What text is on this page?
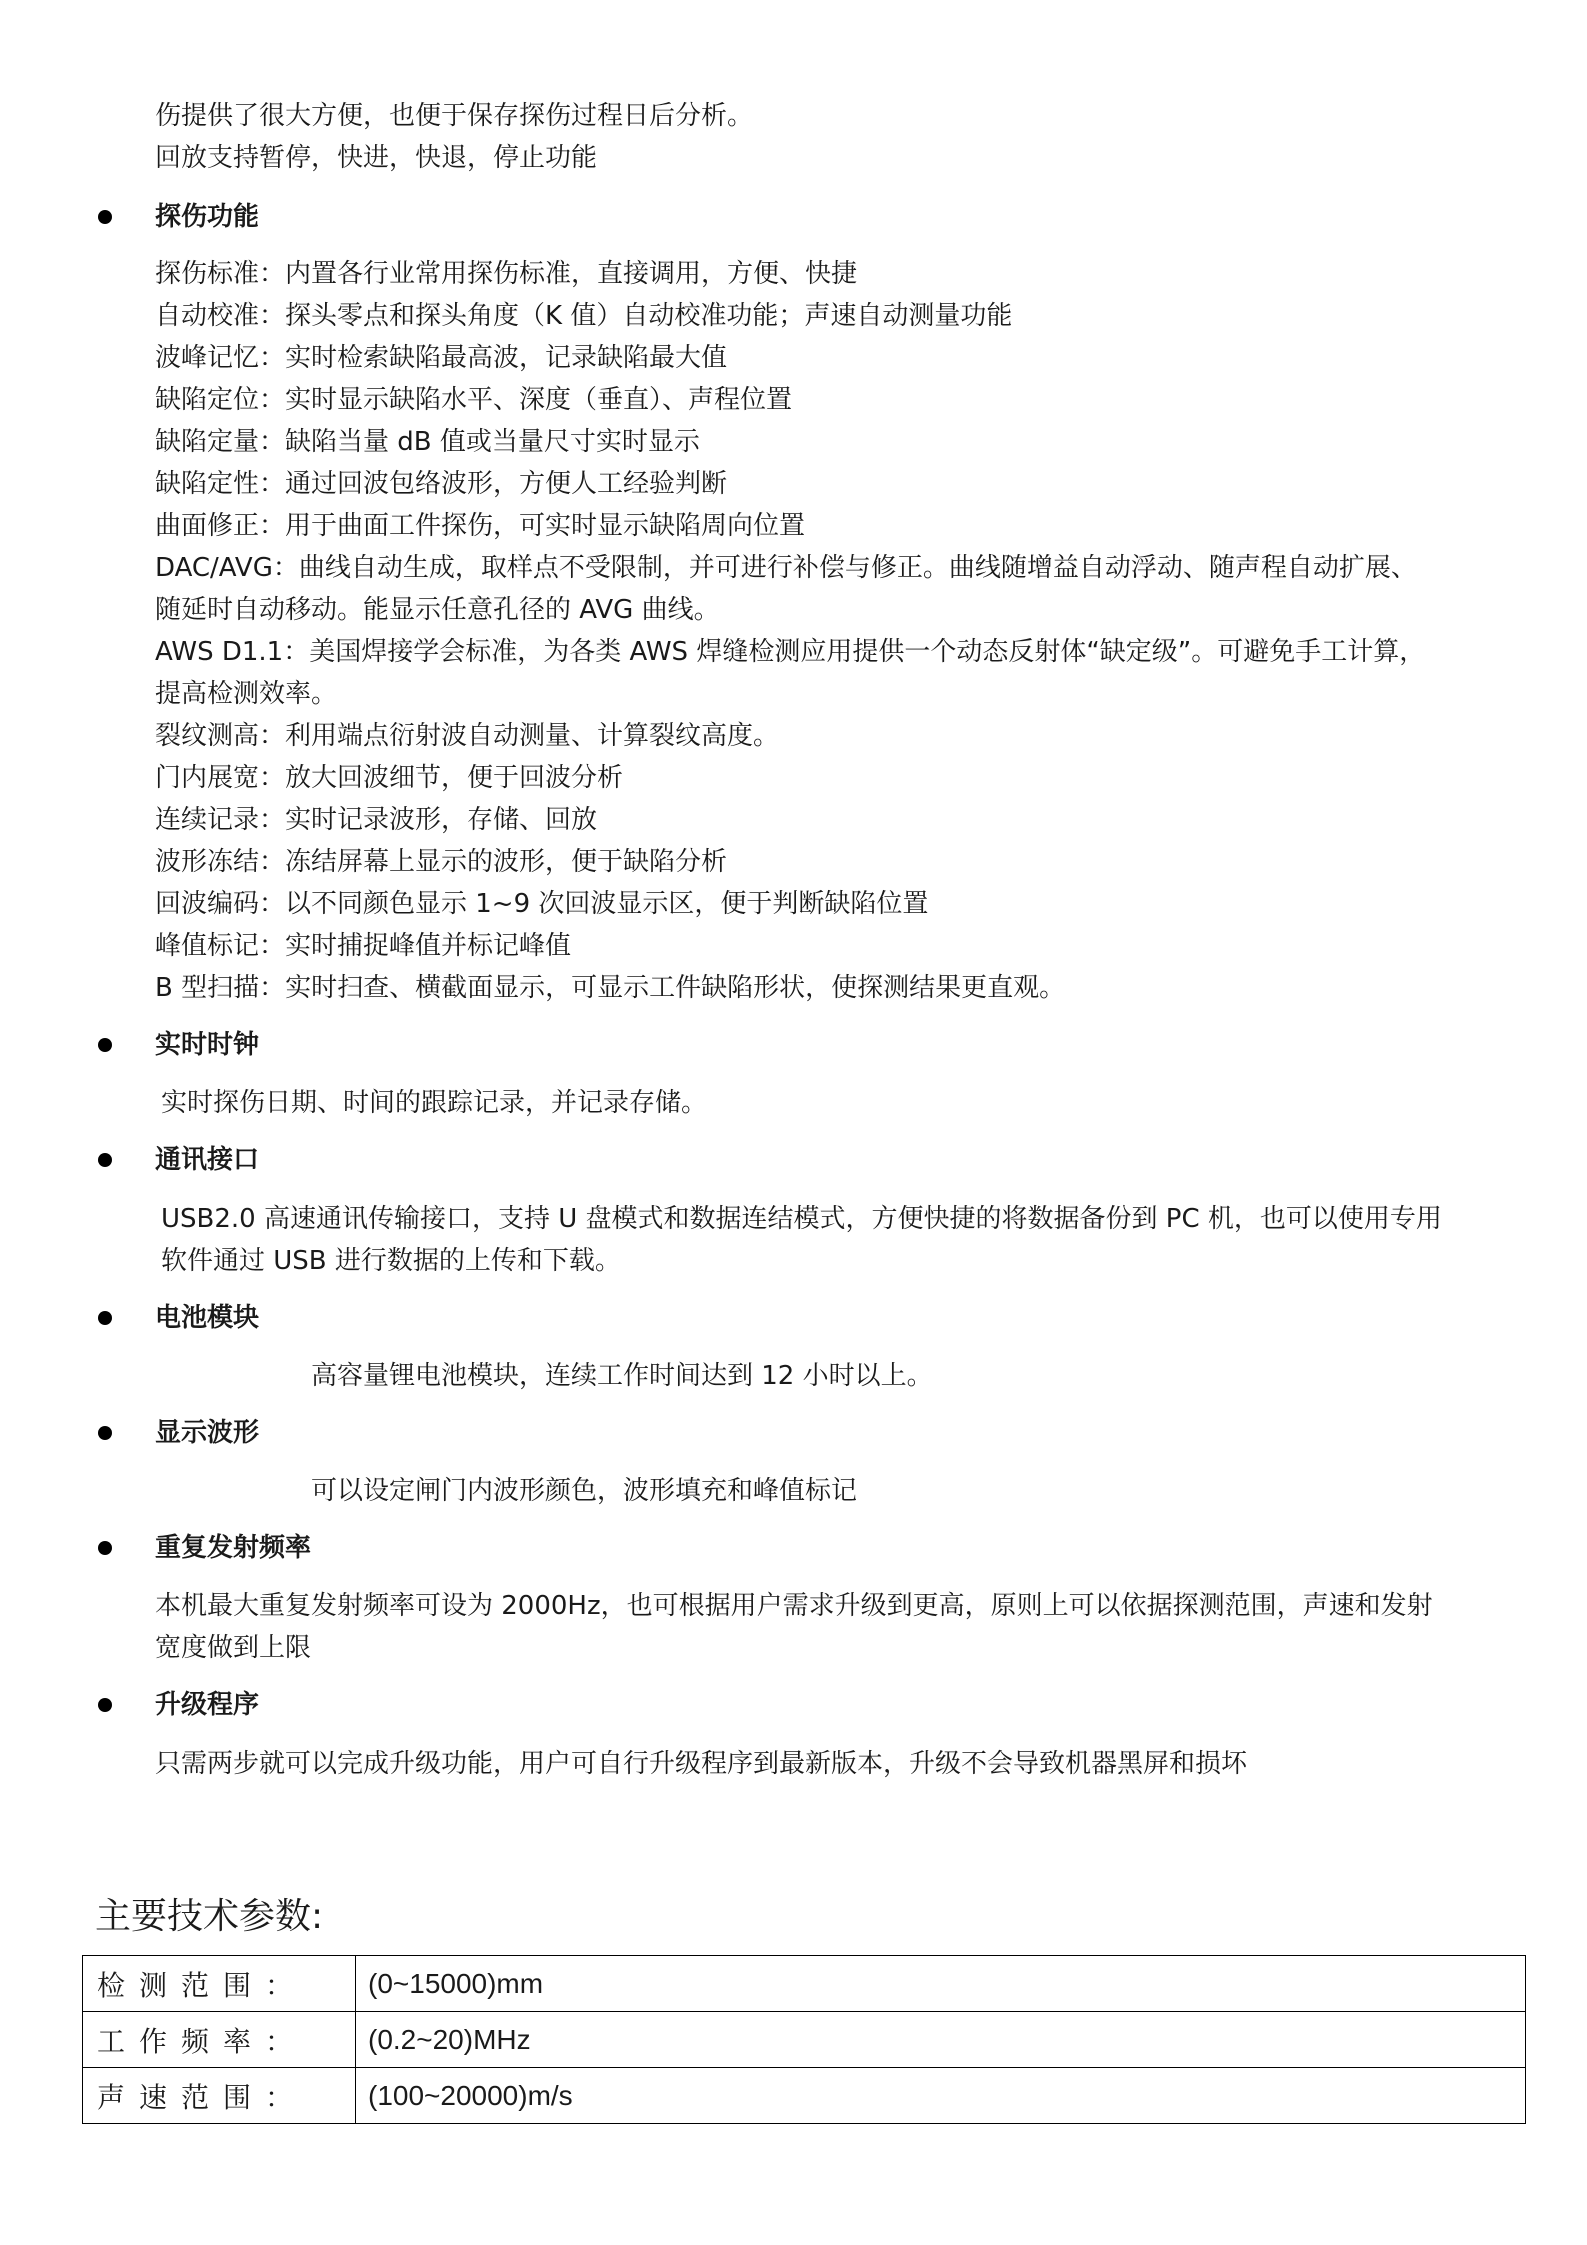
伤提供了很大方便，也便于保存探伤过程日后分析。
回放支持暂停，快进，快退，停止功能
探伤功能
探伤标准：内置各行业常用探伤标准，直接调用，方便、快捷
自动校准：探头零点和探头角度（K 值）自动校准功能；声速自动测量功能
波峰记忆：实时检索缺陷最高波，记录缺陷最大值
缺陷定位：实时显示缺陷水平、深度（垂直）、声程位置
缺陷定量：缺陷当量 dB 值或当量尺寸实时显示
缺陷定性：通过回波包络波形，方便人工经验判断
曲面修正：用于曲面工件探伤，可实时显示缺陷周向位置
DAC/AVG：曲线自动生成，取样点不受限制，并可进行补偿与修正。曲线随增益自动浮动、随声程自动扩展、
随延时自动移动。能显示任意孔径的 AVG 曲线。
AWS D1.1：美国焊接学会标准，为各类 AWS 焊缝检测应用提供一个动态反射体“缺定级”。可避免手工计算，
提高检测效率。
裂纹测高：利用端点衍射波自动测量、计算裂纹高度。
门内展宽：放大回波细节，便于回波分析
连续记录：实时记录波形，存储、回放
波形冻结：冻结屏幕上显示的波形，便于缺陷分析
回波编码：以不同颜色显示 1~9 次回波显示区，便于判断缺陷位置
峰值标记：实时捕捉峰值并标记峰值
B 型扫描：实时扫查、横截面显示，可显示工件缺陷形状，使探测结果更直观。
实时时钟
实时探伤日期、时间的跟踪记录，并记录存储。
通讯接口
USB2.0 高速通讯传输接口，支持 U 盘模式和数据连结模式，方便快捷的将数据备份到 PC 机，也可以使用专用
软件通过 USB 进行数据的上传和下载。
电池模块
高容量锂电池模块，连续工作时间达到 12 小时以上。
显示波形
可以设定闸门内波形颜色，波形填充和峰值标记
重复发射频率
本机最大重复发射频率可设为 2000Hz，也可根据用户需求升级到更高，原则上可以依据探测范围，声速和发射
宽度做到上限
升级程序
只需两步就可以完成升级功能，用户可自行升级程序到最新版本，升级不会导致机器黑屏和损坏
主要技术参数:
检测范围：	(0~15000)mm
工作频率：	(0.2~20)MHz
声速范围：	(100~20000)m/s
